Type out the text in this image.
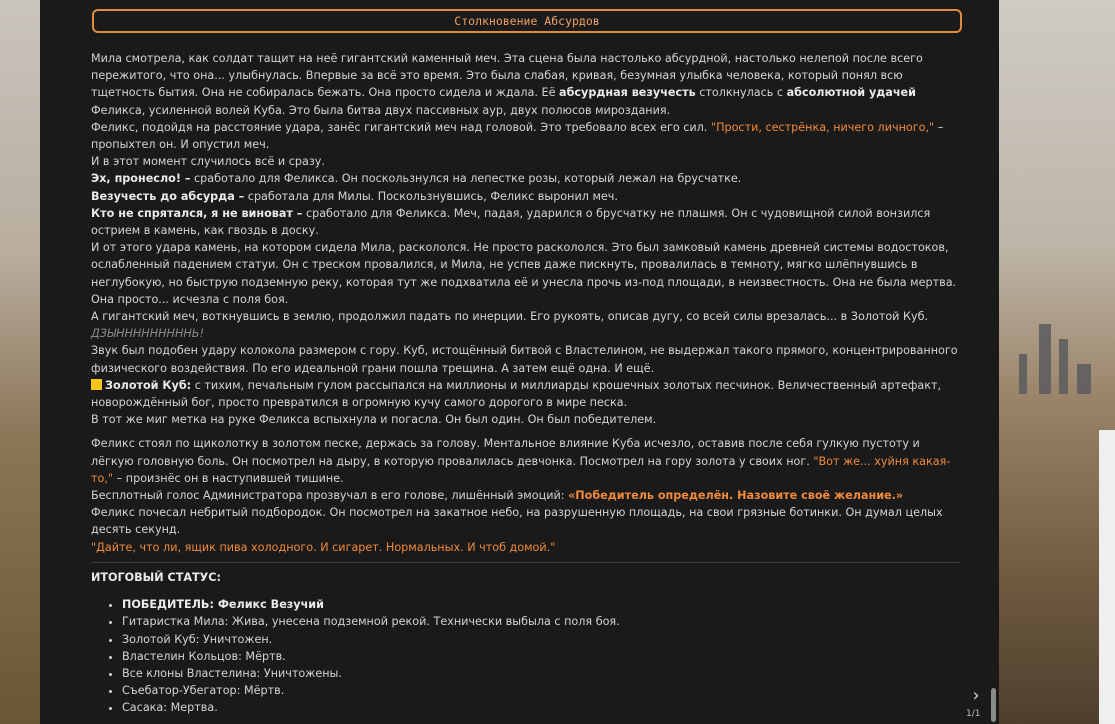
Столкновение Абсурдов

Мила смотрела, как солдат тащит на неё гигантский каменный меч. Эта сцена была настолько абсурдной, настолько нелепой после всего пережитого, что она... улыбнулась. Впервые за всё это время. Это была слабая, кривая, безумная улыбка человека, который понял всю тщетность бытия. Она не собиралась бежать. Она просто сидела и ждала. Её абсурдная везучесть столкнулась с абсолютной удачей Феликса, усиленной волей Куба. Это была битва двух пассивных аур, двух полюсов мироздания.

Феликс, подойдя на расстояние удара, занёс гигантский меч над головой. Это требовало всех его сил. "Прости, сестрёнка, ничего личного," – пропыхтел он. И опустил меч.

И в этот момент случилось всё и сразу.

Эх, пронесло! – сработало для Феликса. Он поскользнулся на лепестке розы, который лежал на брусчатке.

Везучесть до абсурда – сработала для Милы. Поскользнувшись, Феликс выронил меч.

Кто не спрятался, я не виноват – сработало для Феликса. Меч, падая, ударился о брусчатку не плашмя. Он с чудовищной силой вонзился острием в камень, как гвоздь в доску.

И от этого удара камень, на котором сидела Мила, раскололся. Не просто раскололся. Это был замковый камень древней системы водостоков, ослабленный падением статуи. Он с треском провалился, и Мила, не успев даже пискнуть, провалилась в темноту, мягко шлёпнувшись в неглубокую, но быструю подземную реку, которая тут же подхватила её и унесла прочь из-под площади, в неизвестность. Она не была мертва. Она просто... исчезла с поля боя.

А гигантский меч, воткнувшись в землю, продолжил падать по инерции. Его рукоять, описав дугу, со всей силы врезалась... в Золотой Куб.

ДЗЫНННННННННЬ!

Звук был подобен удару колокола размером с гору. Куб, истощённый битвой с Властелином, не выдержал такого прямого, концентрированного физического воздействия. По его идеальной грани пошла трещина. А затем ещё одна. И ещё.

Золотой Куб: с тихим, печальным гулом рассыпался на миллионы и миллиарды крошечных золотых песчинок. Величественный артефакт, новорождённый бог, просто превратился в огромную кучу самого дорогого в мире песка.

В тот же миг метка на руке Феликса вспыхнула и погасла. Он был один. Он был победителем.

Феликс стоял по щиколотку в золотом песке, держась за голову. Ментальное влияние Куба исчезло, оставив после себя гулкую пустоту и лёгкую головную боль. Он посмотрел на дыру, в которую провалилась девчонка. Посмотрел на гору золота у своих ног. "Вот же... хуйня какая-то," – произнёс он в наступившей тишине.

Бесплотный голос Администратора прозвучал в его голове, лишённый эмоций: «Победитель определён. Назовите своё желание.»

Феликс почесал небритый подбородок. Он посмотрел на закатное небо, на разрушенную площадь, на свои грязные ботинки. Он думал целых десять секунд.

"Дайте, что ли, ящик пива холодного. И сигарет. Нормальных. И чтоб домой."

ИТОГОВЫЙ СТАТУС:

• ПОБЕДИТЕЛЬ: Феликс Везучий
• Гитаристка Мила: Жива, унесена подземной рекой. Технически выбыла с поля боя.
• Золотой Куб: Уничтожен.
• Властелин Кольцов: Мёртв.
• Все клоны Властелина: Уничтожены.
• Съебатор-Убегатор: Мёртв.
• Сасака: Мертва.
›
1/1
